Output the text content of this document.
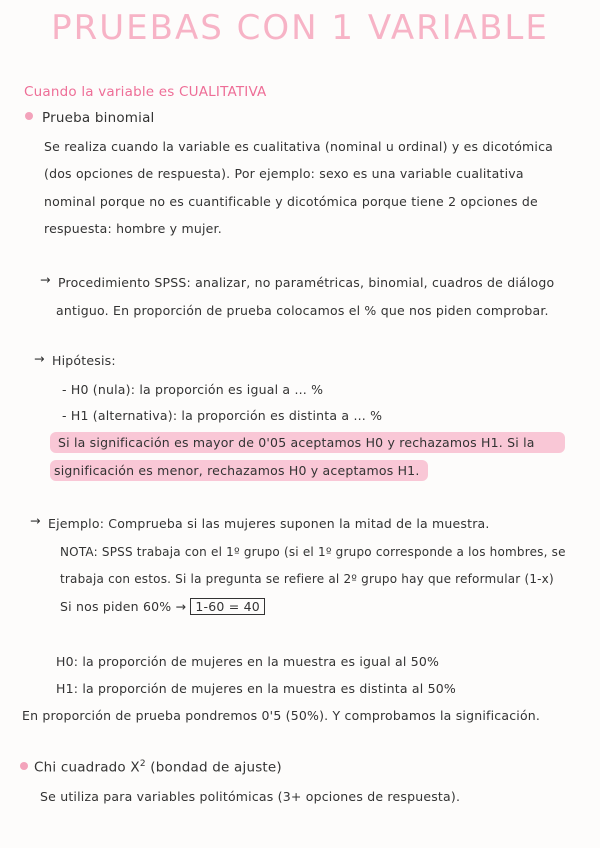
PRUEBAS CON 1 VARIABLE
Cuando la variable es CUALITATIVA
Prueba binomial
Se realiza cuando la variable es cualitativa (nominal u ordinal) y es dicotómica
(dos opciones de respuesta). Por ejemplo: sexo es una variable cualitativa
nominal porque no es cuantificable y dicotómica porque tiene 2 opciones de
respuesta: hombre y mujer.
→ Procedimiento SPSS: analizar, no paramétricas, binomial, cuadros de diálogo
antiguo. En proporción de prueba colocamos el % que nos piden comprobar.
→ Hipótesis:
- H0 (nula): la proporción es igual a ... %
- H1 (alternativa): la proporción es distinta a ... %
Si la significación es mayor de 0'05 aceptamos H0 y rechazamos H1. Si la
significación es menor, rechazamos H0 y aceptamos H1.
→ Ejemplo: Comprueba si las mujeres suponen la mitad de la muestra.
NOTA: SPSS trabaja con el 1º grupo (si el 1º grupo corresponde a los hombres, se
trabaja con estos. Si la pregunta se refiere al 2º grupo hay que reformular (1-x)
Si nos piden 60% → 1-60 = 40
H0: la proporción de mujeres en la muestra es igual al 50%
H1: la proporción de mujeres en la muestra es distinta al 50%
En proporción de prueba pondremos 0'5 (50%). Y comprobamos la significación.
Chi cuadrado $X^2$ (bondad de ajuste)
Se utiliza para variables politómicas (3+ opciones de respuesta).
